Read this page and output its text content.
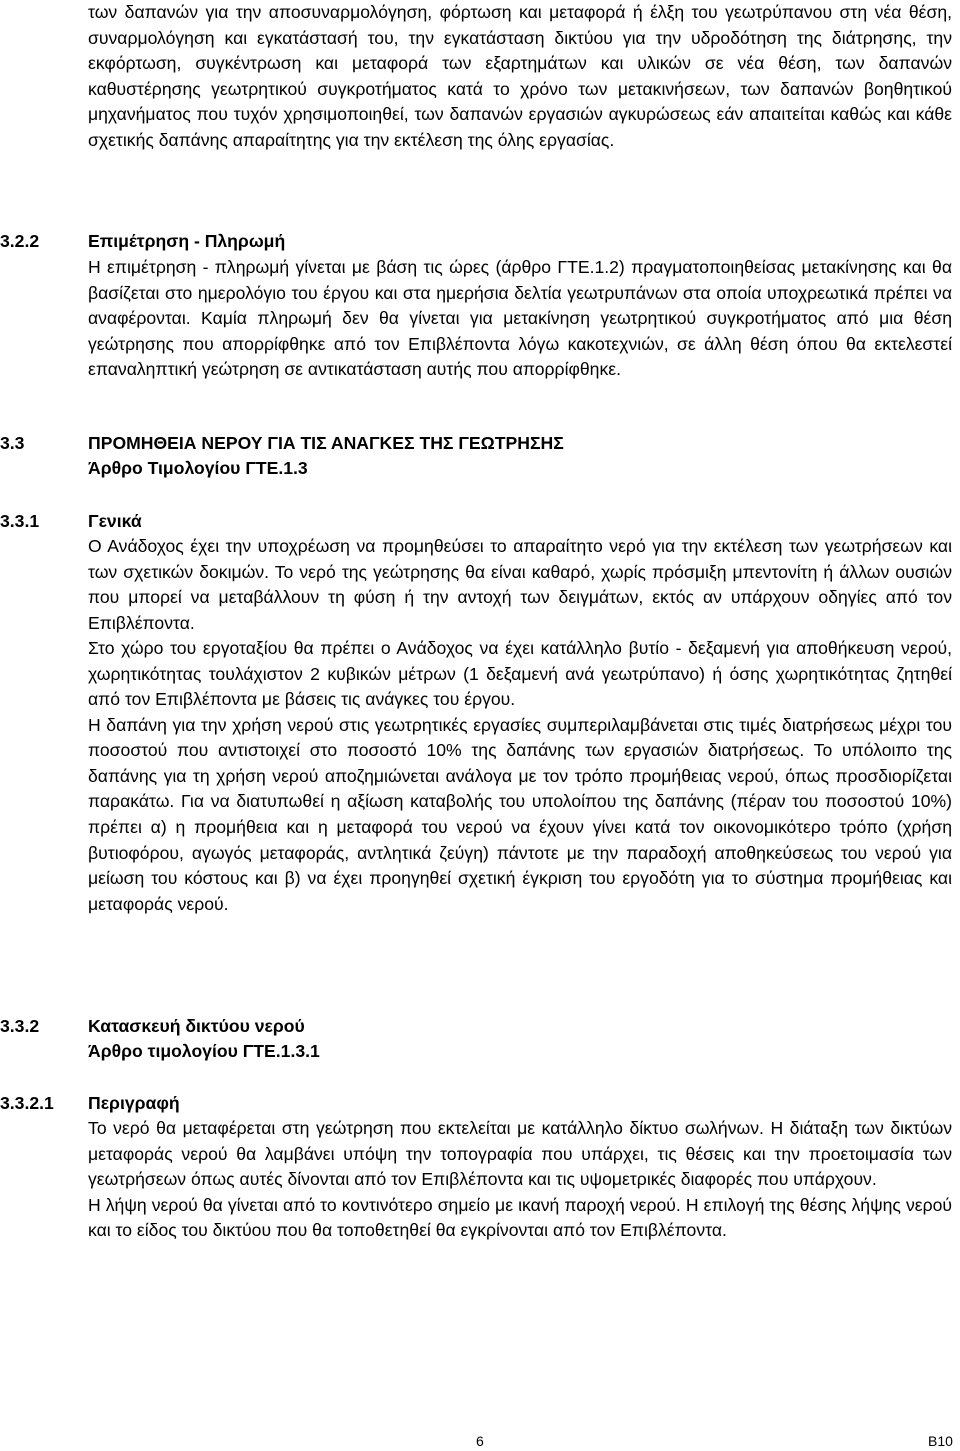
των δαπανών για την αποσυναρμολόγηση, φόρτωση και μεταφορά ή έλξη του γεωτρύπανου στη νέα θέση, συναρμολόγηση και εγκατάστασή του, την εγκατάσταση δικτύου για την υδροδότηση της διάτρησης, την εκφόρτωση, συγκέντρωση και μεταφορά των εξαρτημάτων και υλικών σε νέα θέση, των δαπανών καθυστέρησης γεωτρητικού συγκροτήματος κατά το χρόνο των μετακινήσεων, των δαπανών βοηθητικού μηχανήματος που τυχόν χρησιμοποιηθεί, των δαπανών εργασιών αγκυρώσεως εάν απαιτείται καθώς και κάθε σχετικής δαπάνης απαραίτητης για την εκτέλεση της όλης εργασίας.

3.2.2	Επιμέτρηση - Πληρωμή

Η επιμέτρηση - πληρωμή γίνεται με βάση τις ώρες (άρθρο ΓΤΕ.1.2) πραγματοποιηθείσας μετακίνησης και θα βασίζεται στο ημερολόγιο του έργου και στα ημερήσια δελτία γεωτρυπάνων στα οποία υποχρεωτικά πρέπει να αναφέρονται. Καμία πληρωμή δεν θα γίνεται για μετακίνηση γεωτρητικού συγκροτήματος από μια θέση γεώτρησης που απορρίφθηκε από τον Επιβλέποντα λόγω κακοτεχνιών, σε άλλη θέση όπου θα εκτελεστεί επαναληπτική γεώτρηση σε αντικατάσταση αυτής που απορρίφθηκε.

3.3	ΠΡΟΜΗΘΕΙΑ ΝΕΡΟΥ ΓΙΑ ΤΙΣ ΑΝΑΓΚΕΣ ΤΗΣ ΓΕΩΤΡΗΣΗΣ
Άρθρο Τιμολογίου ΓΤΕ.1.3
3.3.1	Γενικά

Ο Ανάδοχος έχει την υποχρέωση να προμηθεύσει το απαραίτητο νερό για την εκτέλεση των γεωτρήσεων και των σχετικών δοκιμών. Το νερό της γεώτρησης θα είναι καθαρό, χωρίς πρόσμιξη μπεντονίτη ή άλλων ουσιών που μπορεί να μεταβάλλουν τη φύση ή την αντοχή των δειγμάτων, εκτός αν υπάρχουν οδηγίες από τον Επιβλέποντα.

Στο χώρο του εργοταξίου θα πρέπει ο Ανάδοχος να έχει κατάλληλο βυτίο - δεξαμενή για αποθήκευση νερού, χωρητικότητας τουλάχιστον 2 κυβικών μέτρων (1 δεξαμενή ανά γεωτρύπανο) ή όσης χωρητικότητας ζητηθεί από τον Επιβλέποντα με βάσεις τις ανάγκες του έργου.

Η δαπάνη για την χρήση νερού στις γεωτρητικές εργασίες συμπεριλαμβάνεται στις τιμές διατρήσεως μέχρι του ποσοστού που αντιστοιχεί στο ποσοστό 10% της δαπάνης των εργασιών διατρήσεως. Το υπόλοιπο της δαπάνης για τη χρήση νερού αποζημιώνεται ανάλογα με τον τρόπο προμήθειας νερού, όπως προσδιορίζεται παρακάτω. Για να διατυπωθεί η αξίωση καταβολής του υπολοίπου της δαπάνης (πέραν του ποσοστού 10%) πρέπει α) η προμήθεια και η μεταφορά του νερού να έχουν γίνει κατά τον οικονομικότερο τρόπο (χρήση βυτιοφόρου, αγωγός μεταφοράς, αντλητικά ζεύγη) πάντοτε με την παραδοχή αποθηκεύσεως του νερού για μείωση του κόστους και β) να έχει προηγηθεί σχετική έγκριση του εργοδότη για το σύστημα προμήθειας και μεταφοράς νερού.

3.3.2	Κατασκευή δικτύου νερού
Άρθρο τιμολογίου ΓΤΕ.1.3.1
3.3.2.1 Περιγραφή

Το νερό θα μεταφέρεται στη γεώτρηση που εκτελείται με κατάλληλο δίκτυο σωλήνων. Η διάταξη των δικτύων μεταφοράς νερού θα λαμβάνει υπόψη την τοπογραφία που υπάρχει, τις θέσεις και την προετοιμασία των γεωτρήσεων όπως αυτές δίνονται από τον Επιβλέποντα και τις υψομετρικές διαφορές που υπάρχουν.

Η λήψη νερού θα γίνεται από το κοντινότερο σημείο με ικανή παροχή νερού. Η επιλογή της θέσης λήψης νερού και το είδος του δικτύου που θα τοποθετηθεί θα εγκρίνονται από τον Επιβλέποντα.

6	Β10
